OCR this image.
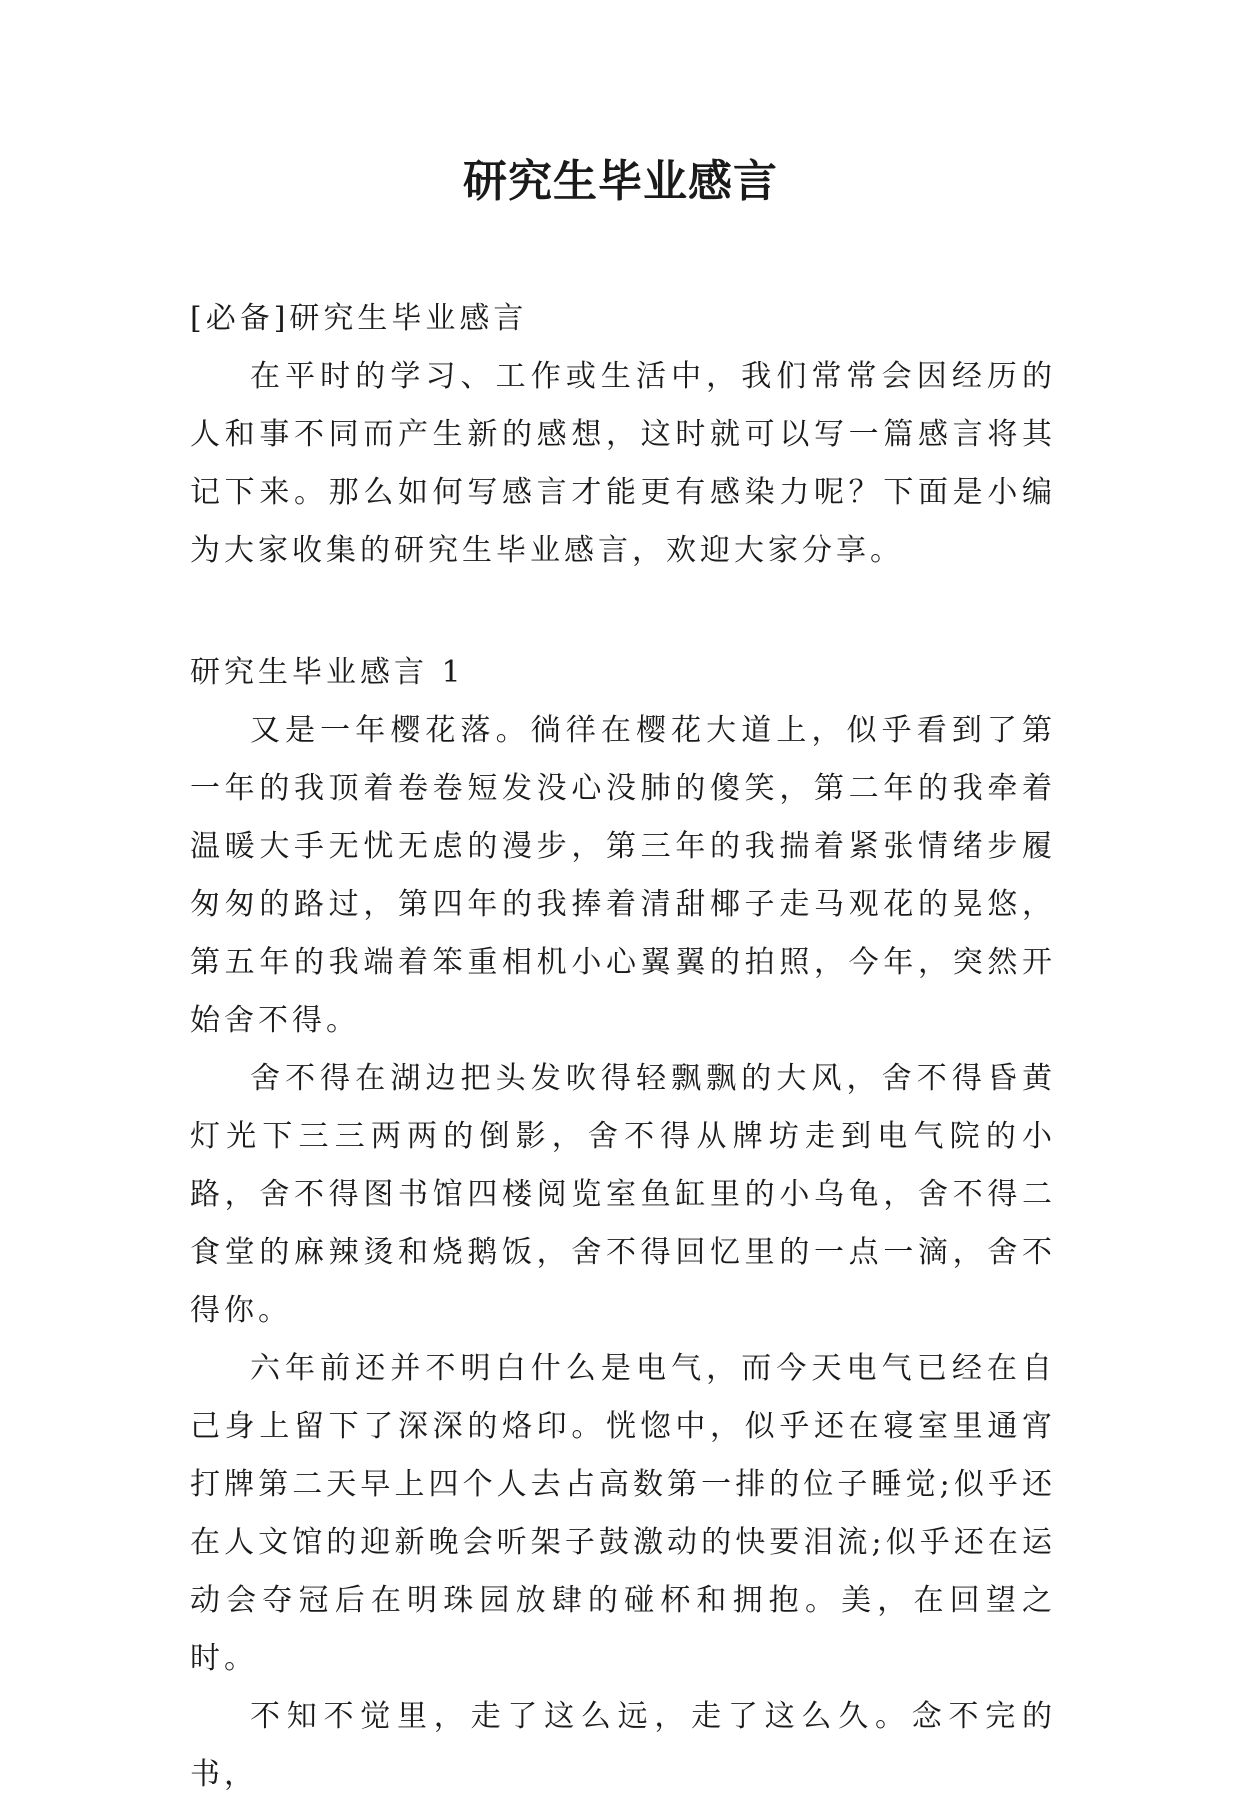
研究生毕业感言

[必备]研究生毕业感言

在平时的学习、工作或生活中，我们常常会因经历的人和事不同而产生新的感想，这时就可以写一篇感言将其记下来。那么如何写感言才能更有感染力呢？下面是小编为大家收集的研究生毕业感言，欢迎大家分享。

研究生毕业感言 1

又是一年樱花落。徜徉在樱花大道上，似乎看到了第一年的我顶着卷卷短发没心没肺的傻笑，第二年的我牵着温暖大手无忧无虑的漫步，第三年的我揣着紧张情绪步履匆匆的路过，第四年的我捧着清甜椰子走马观花的晃悠，第五年的我端着笨重相机小心翼翼的拍照，今年，突然开始舍不得。

舍不得在湖边把头发吹得轻飘飘的大风，舍不得昏黄灯光下三三两两的倒影，舍不得从牌坊走到电气院的小路，舍不得图书馆四楼阅览室鱼缸里的小乌龟，舍不得二食堂的麻辣烫和烧鹅饭，舍不得回忆里的一点一滴，舍不得你。

六年前还并不明白什么是电气，而今天电气已经在自己身上留下了深深的烙印。恍惚中，似乎还在寝室里通宵打牌第二天早上四个人去占高数第一排的位子睡觉;似乎还在人文馆的迎新晚会听架子鼓激动的快要泪流;似乎还在运动会夺冠后在明珠园放肆的碰杯和拥抱。美，在回望之时。

不知不觉里，走了这么远，走了这么久。念不完的书，
